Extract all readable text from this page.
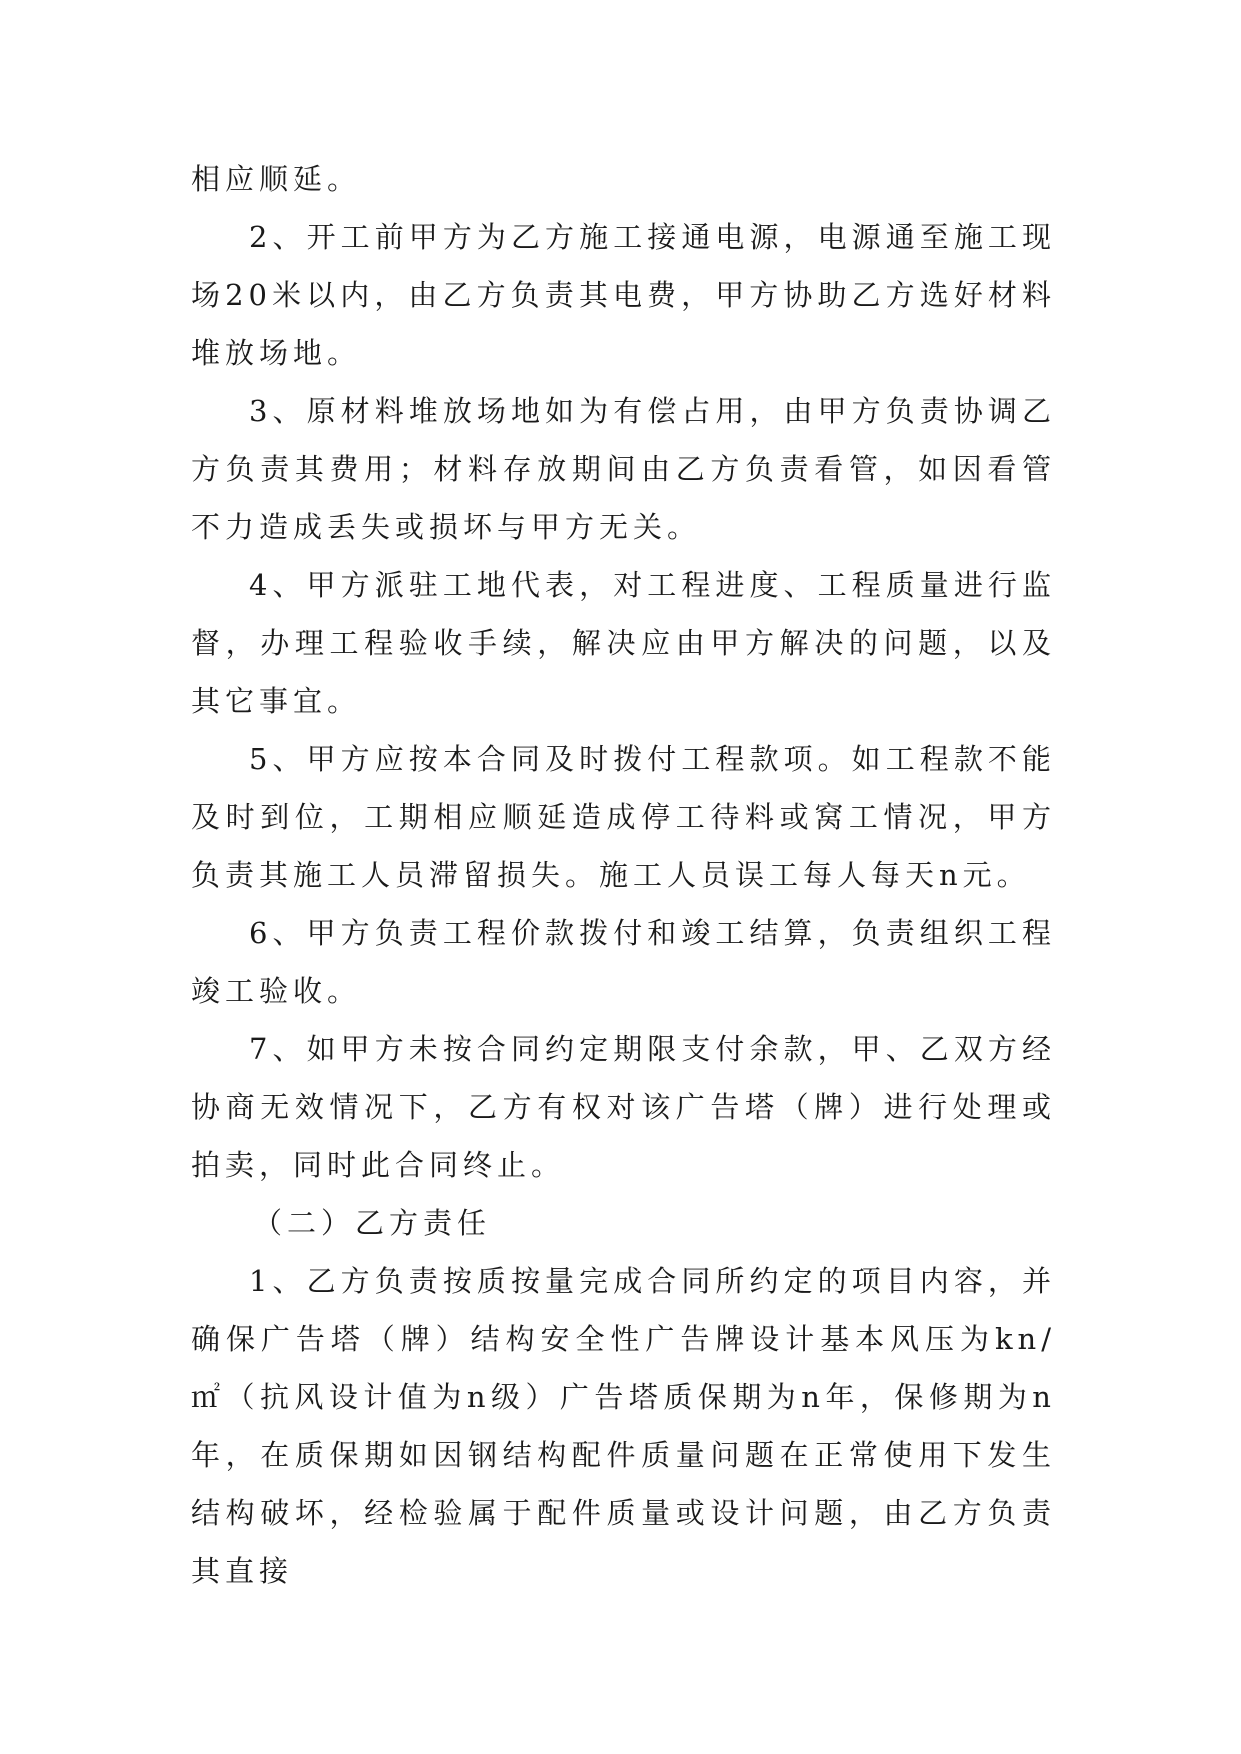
相应顺延。

2、开工前甲方为乙方施工接通电源，电源通至施工现场20米以内，由乙方负责其电费，甲方协助乙方选好材料堆放场地。

3、原材料堆放场地如为有偿占用，由甲方负责协调乙方负责其费用；材料存放期间由乙方负责看管，如因看管不力造成丢失或损坏与甲方无关。

4、甲方派驻工地代表，对工程进度、工程质量进行监督，办理工程验收手续，解决应由甲方解决的问题，以及其它事宜。

5、甲方应按本合同及时拨付工程款项。如工程款不能及时到位，工期相应顺延造成停工待料或窝工情况，甲方负责其施工人员滞留损失。施工人员误工每人每天n元。

6、甲方负责工程价款拨付和竣工结算，负责组织工程竣工验收。

7、如甲方未按合同约定期限支付余款，甲、乙双方经协商无效情况下，乙方有权对该广告塔（牌）进行处理或拍卖，同时此合同终止。

（二）乙方责任

1、乙方负责按质按量完成合同所约定的项目内容，并确保广告塔（牌）结构安全性广告牌设计基本风压为kn/㎡（抗风设计值为n级）广告塔质保期为n年，保修期为n年，在质保期如因钢结构配件质量问题在正常使用下发生结构破坏，经检验属于配件质量或设计问题，由乙方负责其直接
